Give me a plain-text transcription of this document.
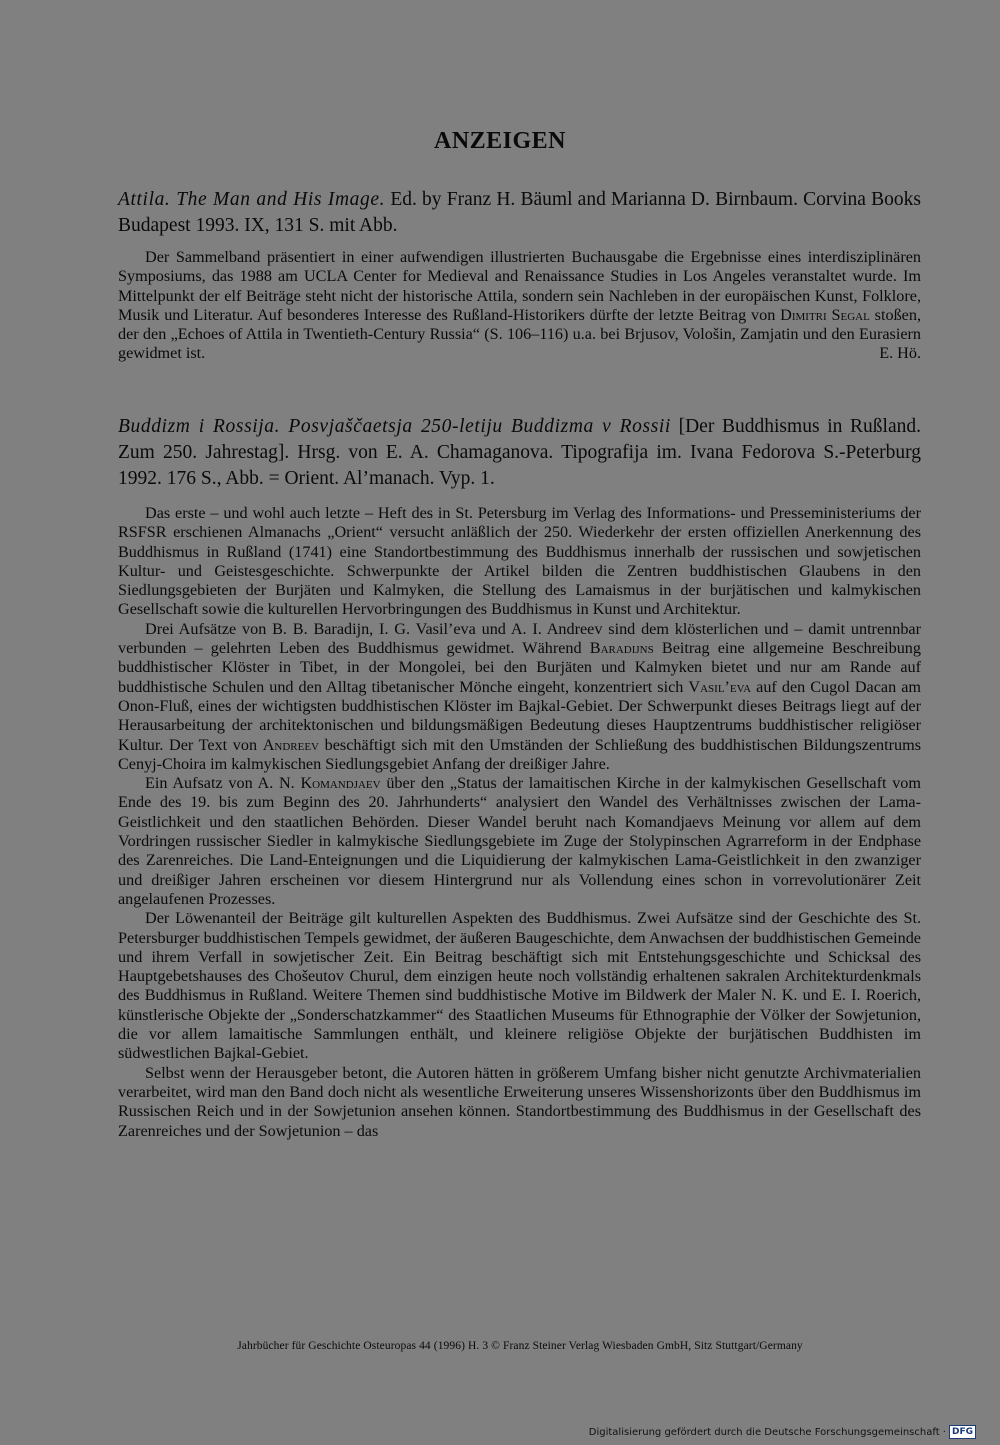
ANZEIGEN

Attila. The Man and His Image. Ed. by Franz H. Bäuml and Marianna D. Birnbaum. Corvina Books Budapest 1993. IX, 131 S. mit Abb.

Der Sammelband präsentiert in einer aufwendigen illustrierten Buchausgabe die Ergebnisse eines interdisziplinären Symposiums, das 1988 am UCLA Center for Medieval and Renaissance Studies in Los Angeles veranstaltet wurde. Im Mittelpunkt der elf Beiträge steht nicht der historische Attila, sondern sein Nachleben in der europäischen Kunst, Folklore, Musik und Literatur. Auf besonderes Interesse des Rußland-Historikers dürfte der letzte Beitrag von Dimitri Segal stoßen, der den „Echoes of Attila in Twentieth-Century Russia“ (S. 106–116) u.a. bei Brjusov, Vološin, Zamjatin und den Eurasiern gewidmet ist.	E. Hö.

Buddizm i Rossija. Posvjaščaetsja 250-letiju Buddizma v Rossii [Der Buddhismus in Rußland. Zum 250. Jahrestag]. Hrsg. von E. A. Chamaganova. Tipografija im. Ivana Fedorova S.-Peterburg 1992. 176 S., Abb. = Orient. Al’manach. Vyp. 1.

Das erste – und wohl auch letzte – Heft des in St. Petersburg im Verlag des Informations- und Presseministeriums der RSFSR erschienen Almanachs „Orient“ versucht anläßlich der 250. Wiederkehr der ersten offiziellen Anerkennung des Buddhismus in Rußland (1741) eine Standortbestimmung des Buddhismus innerhalb der russischen und sowjetischen Kultur- und Geistesgeschichte. Schwerpunkte der Artikel bilden die Zentren buddhistischen Glaubens in den Siedlungsgebieten der Burjäten und Kalmyken, die Stellung des Lamaismus in der burjätischen und kalmykischen Gesellschaft sowie die kulturellen Hervorbringungen des Buddhismus in Kunst und Architektur.

Drei Aufsätze von B. B. Baradijn, I. G. Vasil’eva und A. I. Andreev sind dem klösterlichen und – damit untrennbar verbunden – gelehrten Leben des Buddhismus gewidmet. Während Baradijns Beitrag eine allgemeine Beschreibung buddhistischer Klöster in Tibet, in der Mongolei, bei den Burjäten und Kalmyken bietet und nur am Rande auf buddhistische Schulen und den Alltag tibetanischer Mönche eingeht, konzentriert sich Vasil’eva auf den Cugol Dacan am Onon-Fluß, eines der wichtigsten buddhistischen Klöster im Bajkal-Gebiet. Der Schwerpunkt dieses Beitrags liegt auf der Herausarbeitung der architektonischen und bildungsmäßigen Bedeutung dieses Hauptzentrums buddhistischer religiöser Kultur. Der Text von Andreev beschäftigt sich mit den Umständen der Schließung des buddhistischen Bildungszentrums Cenyj-Choira im kalmykischen Siedlungsgebiet Anfang der dreißiger Jahre.

Ein Aufsatz von A. N. Komandjaev über den „Status der lamaitischen Kirche in der kalmykischen Gesellschaft vom Ende des 19. bis zum Beginn des 20. Jahrhunderts“ analysiert den Wandel des Verhältnisses zwischen der Lama-Geistlichkeit und den staatlichen Behörden. Dieser Wandel beruht nach Komandjaevs Meinung vor allem auf dem Vordringen russischer Siedler in kalmykische Siedlungsgebiete im Zuge der Stolypinschen Agrarreform in der Endphase des Zarenreiches. Die Land-Enteignungen und die Liquidierung der kalmykischen Lama-Geistlichkeit in den zwanziger und dreißiger Jahren erscheinen vor diesem Hintergrund nur als Vollendung eines schon in vorrevolutionärer Zeit angelaufenen Prozesses.

Der Löwenanteil der Beiträge gilt kulturellen Aspekten des Buddhismus. Zwei Aufsätze sind der Geschichte des St. Petersburger buddhistischen Tempels gewidmet, der äußeren Baugeschichte, dem Anwachsen der buddhistischen Gemeinde und ihrem Verfall in sowjetischer Zeit. Ein Beitrag beschäftigt sich mit Entstehungsgeschichte und Schicksal des Hauptgebetshauses des Chošeutov Churul, dem einzigen heute noch vollständig erhaltenen sakralen Architekturdenkmals des Buddhismus in Rußland. Weitere Themen sind buddhistische Motive im Bildwerk der Maler N. K. und E. I. Roerich, künstlerische Objekte der „Sonderschatzkammer“ des Staatlichen Museums für Ethnographie der Völker der Sowjetunion, die vor allem lamaitische Sammlungen enthält, und kleinere religiöse Objekte der burjätischen Buddhisten im südwestlichen Bajkal-Gebiet.

Selbst wenn der Herausgeber betont, die Autoren hätten in größerem Umfang bisher nicht genutzte Archivmaterialien verarbeitet, wird man den Band doch nicht als wesentliche Erweiterung unseres Wissenshorizonts über den Buddhismus im Russischen Reich und in der Sowjetunion ansehen können. Standortbestimmung des Buddhismus in der Gesellschaft des Zarenreiches und der Sowjetunion – das

Jahrbücher für Geschichte Osteuropas 44 (1996) H. 3 © Franz Steiner Verlag Wiesbaden GmbH, Sitz Stuttgart/Germany
Digitalisierung gefördert durch die Deutsche Forschungsgemeinschaft · DFG
